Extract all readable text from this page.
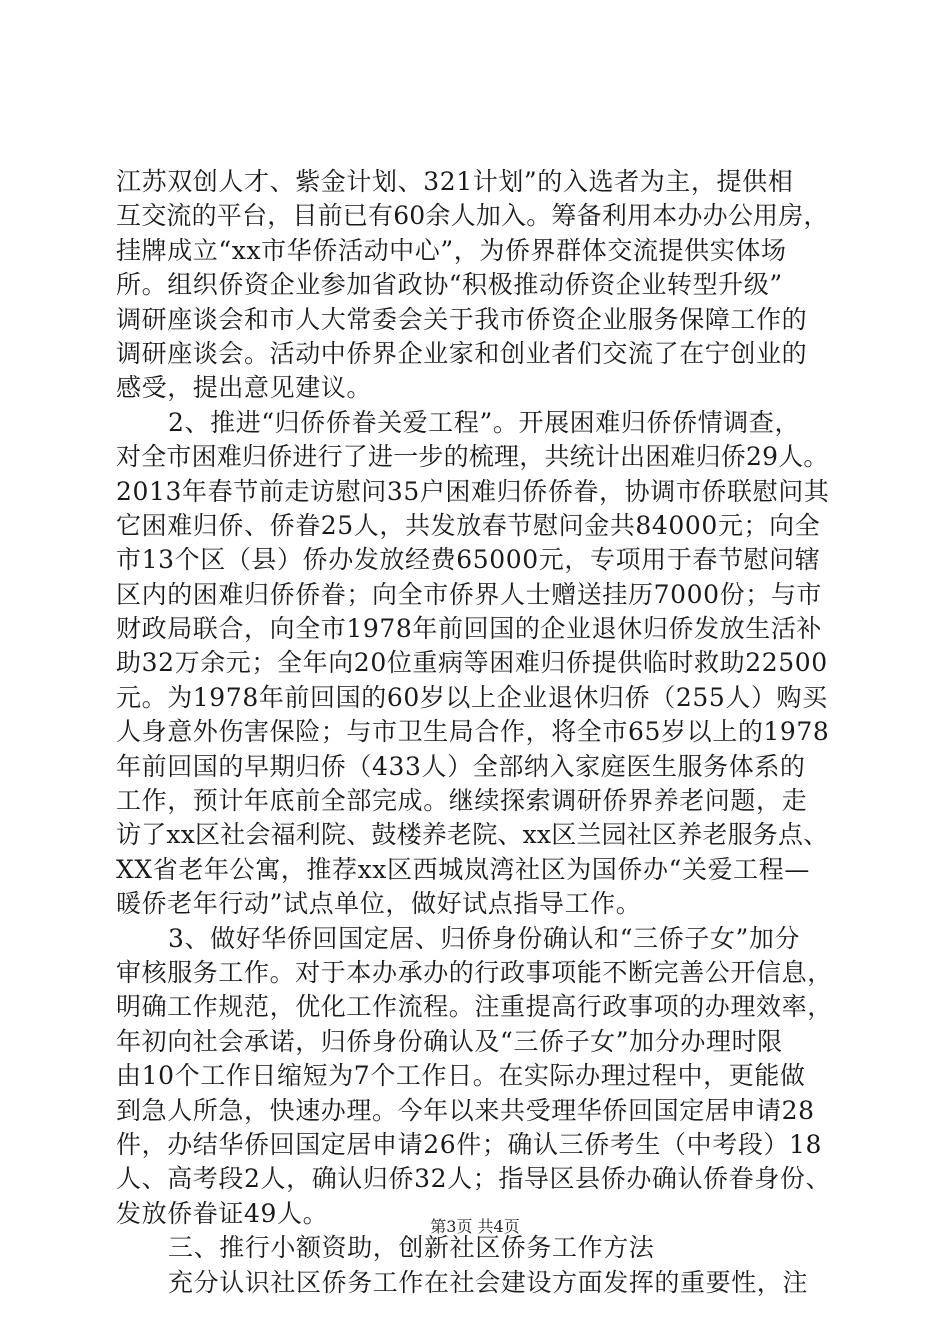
江苏双创人才、紫金计划、321计划”的入选者为主，提供相
互交流的平台，目前已有60余人加入。筹备利用本办办公用房，
挂牌成立“xx市华侨活动中心”，为侨界群体交流提供实体场
所。组织侨资企业参加省政协“积极推动侨资企业转型升级”
调研座谈会和市人大常委会关于我市侨资企业服务保障工作的
调研座谈会。活动中侨界企业家和创业者们交流了在宁创业的
感受，提出意见建议。
2、推进“归侨侨眷关爱工程”。开展困难归侨侨情调查，
对全市困难归侨进行了进一步的梳理，共统计出困难归侨29人。
2013年春节前走访慰问35户困难归侨侨眷，协调市侨联慰问其
它困难归侨、侨眷25人，共发放春节慰问金共84000元；向全
市13个区（县）侨办发放经费65000元，专项用于春节慰问辖
区内的困难归侨侨眷；向全市侨界人士赠送挂历7000份；与市
财政局联合，向全市1978年前回国的企业退休归侨发放生活补
助32万余元；全年向20位重病等困难归侨提供临时救助22500
元。为1978年前回国的60岁以上企业退休归侨（255人）购买
人身意外伤害保险；与市卫生局合作，将全市65岁以上的1978
年前回国的早期归侨（433人）全部纳入家庭医生服务体系的
工作，预计年底前全部完成。继续探索调研侨界养老问题，走
访了xx区社会福利院、鼓楼养老院、xx区兰园社区养老服务点、
XX省老年公寓，推荐xx区西城岚湾社区为国侨办“关爱工程—
暖侨老年行动”试点单位，做好试点指导工作。
3、做好华侨回国定居、归侨身份确认和“三侨子女”加分
审核服务工作。对于本办承办的行政事项能不断完善公开信息，
明确工作规范，优化工作流程。注重提高行政事项的办理效率，
年初向社会承诺，归侨身份确认及“三侨子女”加分办理时限
由10个工作日缩短为7个工作日。在实际办理过程中，更能做
到急人所急，快速办理。今年以来共受理华侨回国定居申请28
件，办结华侨回国定居申请26件；确认三侨考生（中考段）18
人、高考段2人，确认归侨32人；指导区县侨办确认侨眷身份、
发放侨眷证49人。
三、推行小额资助，创新社区侨务工作方法
充分认识社区侨务工作在社会建设方面发挥的重要性，注
第3页 共4页
